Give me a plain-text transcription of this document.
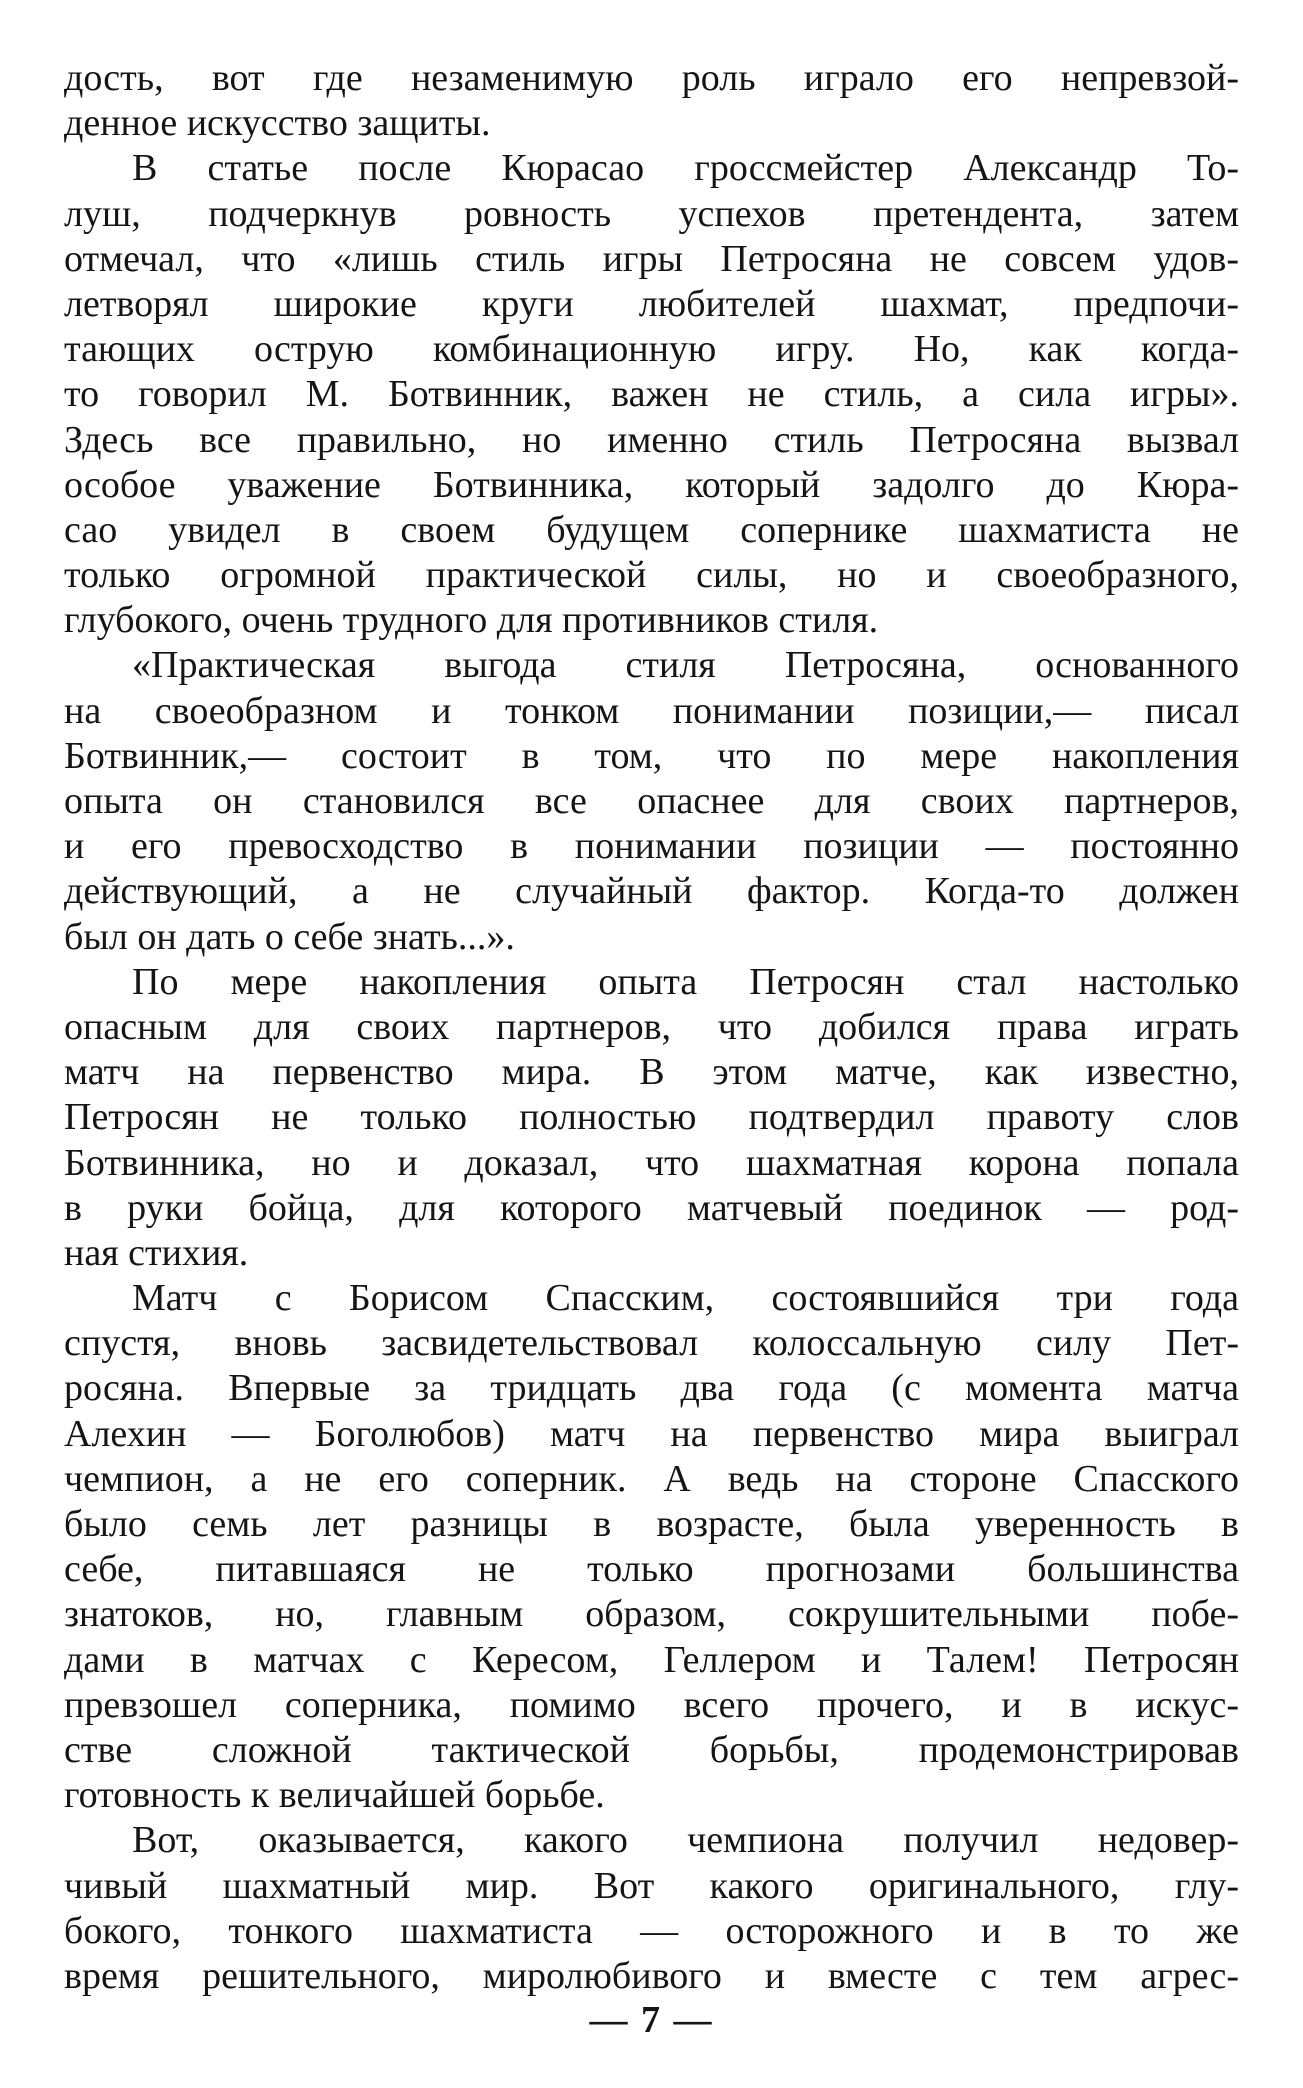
дость, вот где незаменимую роль играло его непревзой-
денное искусство защиты.
В статье после Кюрасао гроссмейстер Александр То-
луш, подчеркнув ровность успехов претендента, затем
отмечал, что «лишь стиль игры Петросяна не совсем удов-
летворял широкие круги любителей шахмат, предпочи-
тающих острую комбинационную игру. Но, как когда-
то говорил М. Ботвинник, важен не стиль, а сила игры».
Здесь все правильно, но именно стиль Петросяна вызвал
особое уважение Ботвинника, который задолго до Кюра-
сао увидел в своем будущем сопернике шахматиста не
только огромной практической силы, но и своеобразного,
глубокого, очень трудного для противников стиля.
«Практическая выгода стиля Петросяна, основанного
на своеобразном и тонком понимании позиции,— писал
Ботвинник,— состоит в том, что по мере накопления
опыта он становился все опаснее для своих партнеров,
и его превосходство в понимании позиции — постоянно
действующий, а не случайный фактор. Когда-то должен
был он дать о себе знать...».
По мере накопления опыта Петросян стал настолько
опасным для своих партнеров, что добился права играть
матч на первенство мира. В этом матче, как известно,
Петросян не только полностью подтвердил правоту слов
Ботвинника, но и доказал, что шахматная корона попала
в руки бойца, для которого матчевый поединок — род-
ная стихия.
Матч с Борисом Спасским, состоявшийся три года
спустя, вновь засвидетельствовал колоссальную силу Пет-
росяна. Впервые за тридцать два года (с момента матча
Алехин — Боголюбов) матч на первенство мира выиграл
чемпион, а не его соперник. А ведь на стороне Спасского
было семь лет разницы в возрасте, была уверенность в
себе, питавшаяся не только прогнозами большинства
знатоков, но, главным образом, сокрушительными побе-
дами в матчах с Кересом, Геллером и Талем! Петросян
превзошел соперника, помимо всего прочего, и в искус-
стве сложной тактической борьбы, продемонстрировав
готовность к величайшей борьбе.
Вот, оказывается, какого чемпиона получил недовер-
чивый шахматный мир. Вот какого оригинального, глу-
бокого, тонкого шахматиста — осторожного и в то же
время решительного, миролюбивого и вместе с тем агрес-
— 7 —
